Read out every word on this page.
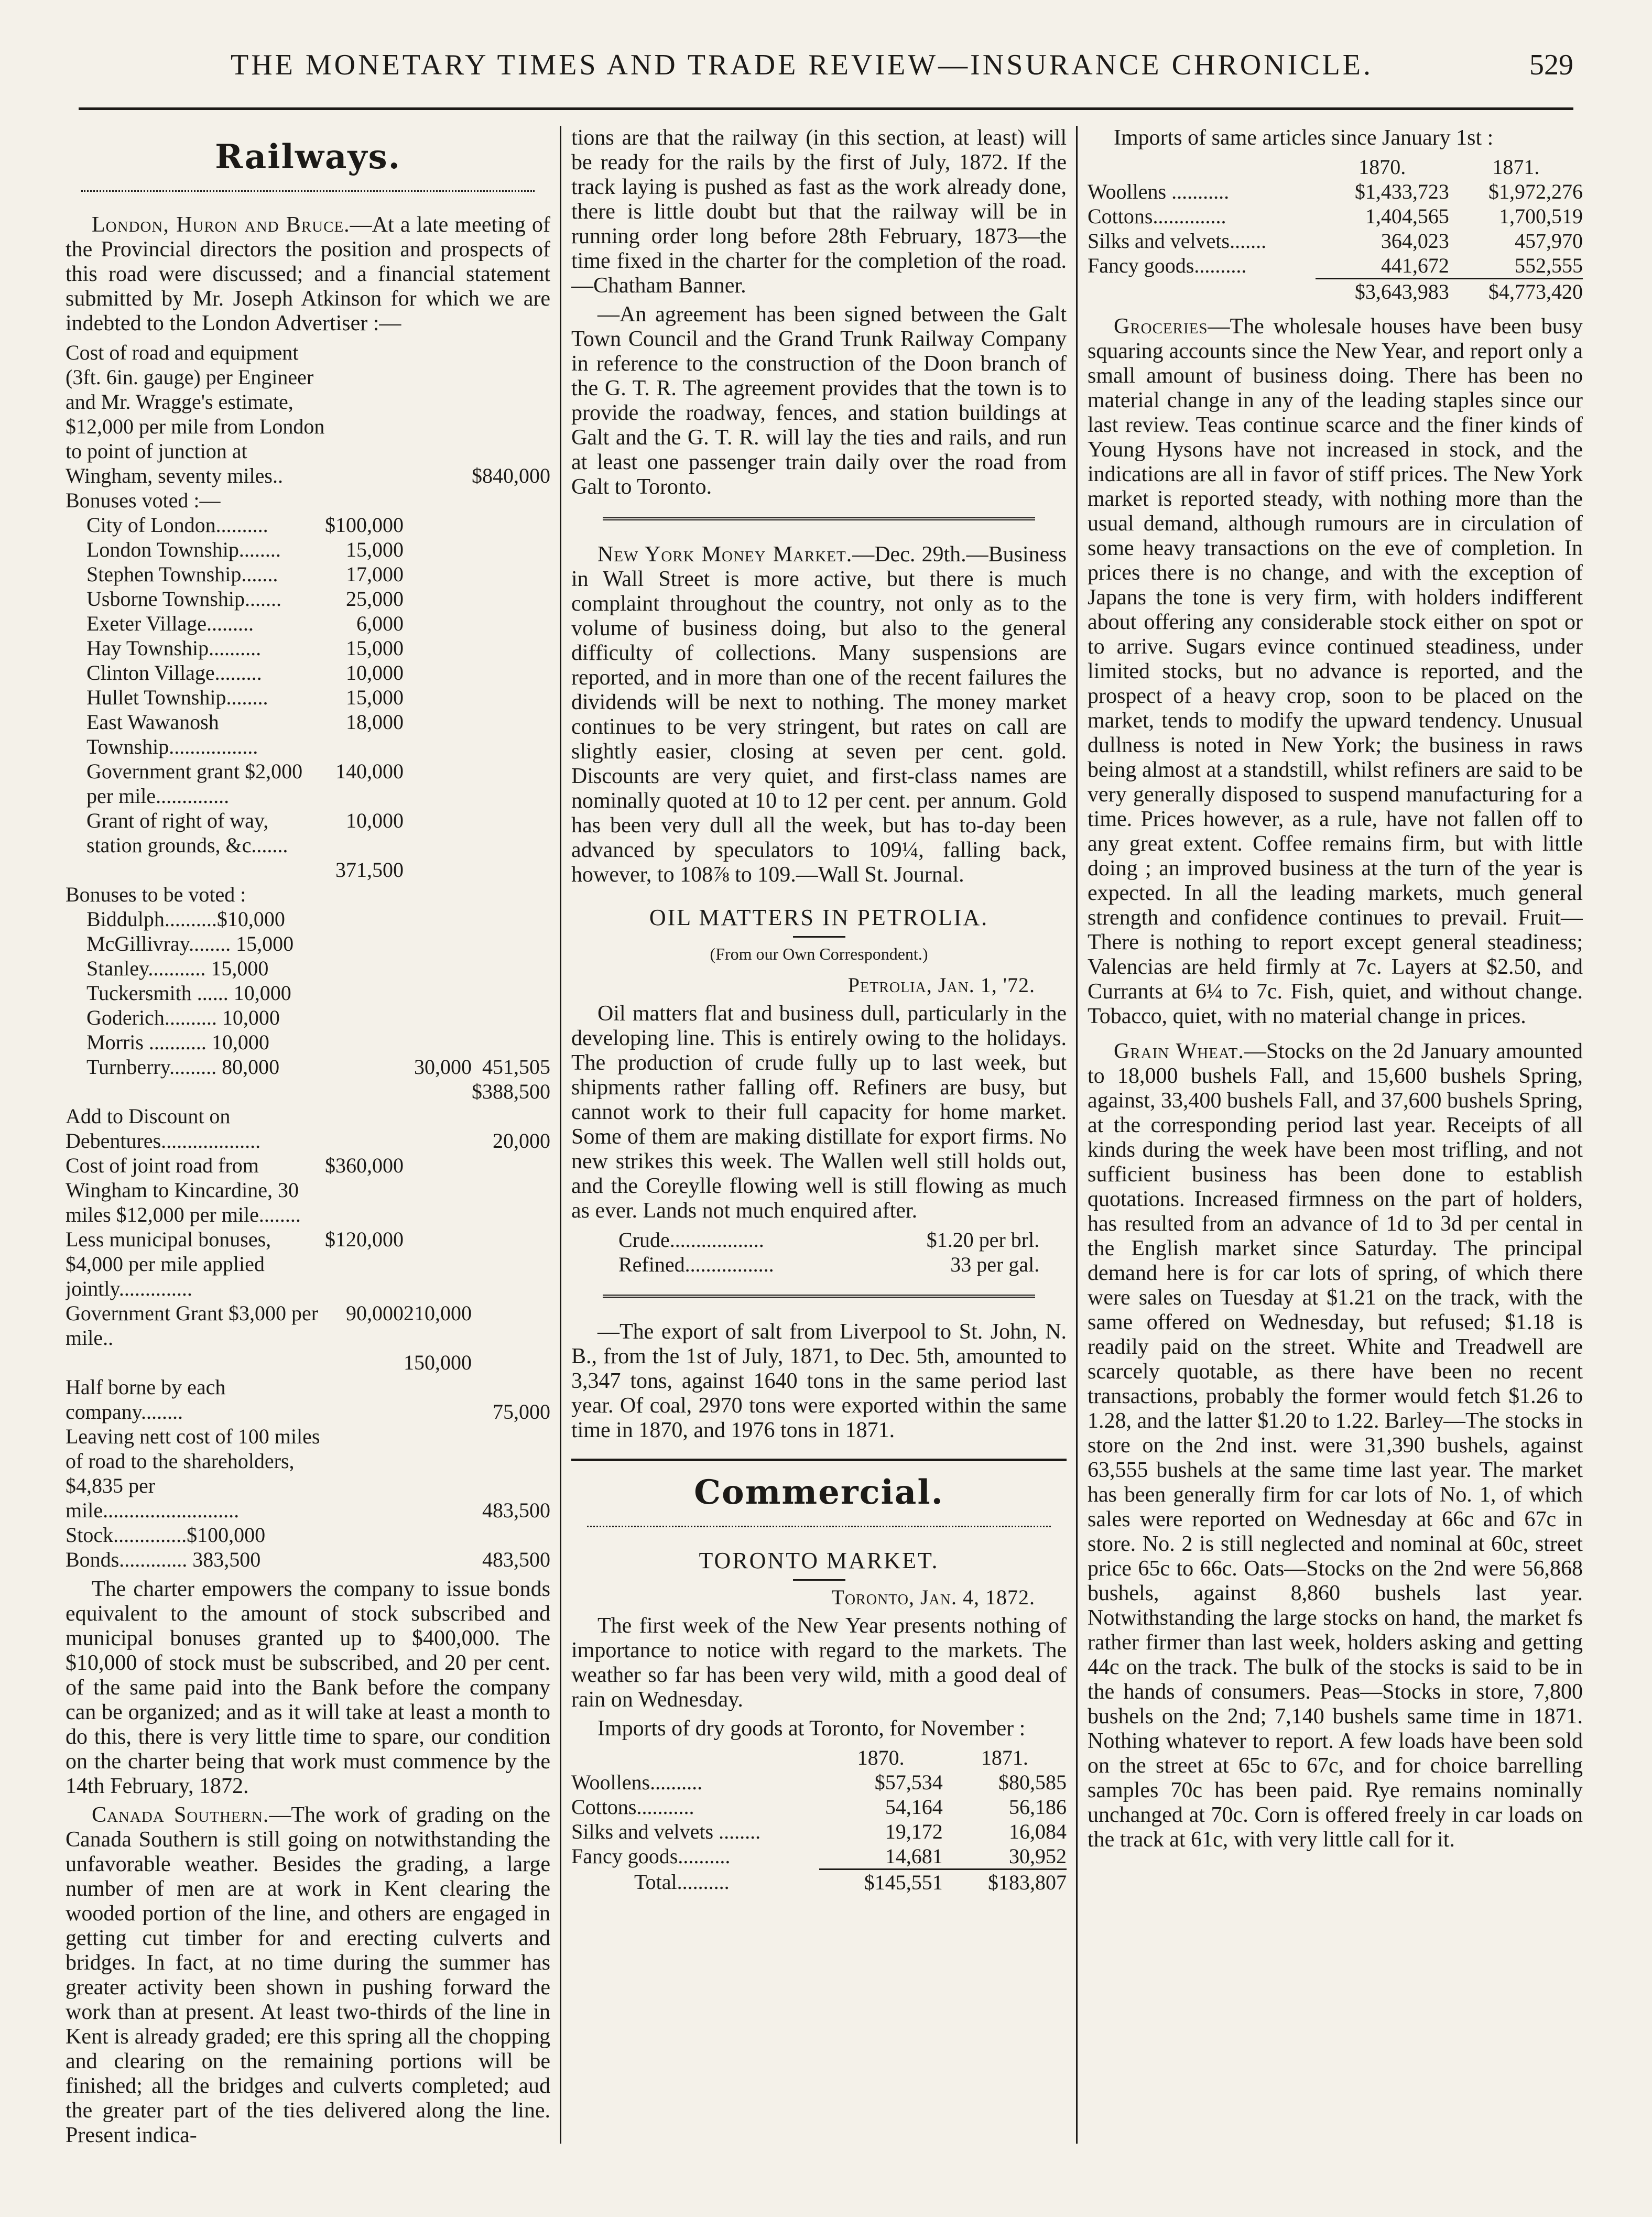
THE MONETARY TIMES AND TRADE REVIEW—INSURANCE CHRONICLE.	529
Railways.

London, Huron and Bruce.—At a late meeting of the Provincial directors the position and prospects of this road were discussed; and a financial statement submitted by Mr. Joseph Atkinson for which we are indebted to the London Advertiser :—

Cost of road and equipment (3ft. 6in. gauge) per Engineer and Mr. Wragge's estimate, $12,000 per mile from London to point of junction at Wingham, seventy miles..			$840,000
Bonuses voted :—			
City of London..........	$100,000		
London Township........	15,000		
Stephen Township.......	17,000		
Usborne Township.......	25,000		
Exeter Village.........	6,000		
Hay Township..........	15,000		
Clinton Village.........	10,000		
Hullet Township........	15,000		
East Wawanosh Township.................	18,000		
Government grant $2,000 per mile..............	140,000		
Grant of right of way, station grounds, &c.......	10,000		
	371,500		
Bonuses to be voted :			
Biddulph..........$10,000			
McGillivray........ 15,000			
Stanley........... 15,000			
Tuckersmith ...... 10,000			
Goderich.......... 10,000			
Morris ........... 10,000			
Turnberry......... 80,000		30,000	451,505
			$388,500
Add to Discount on Debentures...................			20,000
Cost of joint road from Wingham to Kincardine, 30 miles $12,000 per mile........	$360,000		
Less municipal bonuses, $4,000 per mile applied jointly..............	$120,000		
Government Grant $3,000 per mile..	90,000	210,000	
		150,000	
Half borne by each company........			75,000
Leaving nett cost of 100 miles of road to the shareholders, $4,835 per mile..........................			483,500
Stock..............$100,000			
Bonds............. 383,500			483,500

The charter empowers the company to issue bonds equivalent to the amount of stock subscribed and municipal bonuses granted up to $400,000. The $10,000 of stock must be subscribed, and 20 per cent. of the same paid into the Bank before the company can be organized; and as it will take at least a month to do this, there is very little time to spare, our condition on the charter being that work must commence by the 14th February, 1872.

Canada Southern.—The work of grading on the Canada Southern is still going on notwithstanding the unfavorable weather. Besides the grading, a large number of men are at work in Kent clearing the wooded portion of the line, and others are engaged in getting cut timber for and erecting culverts and bridges. In fact, at no time during the summer has greater activity been shown in pushing forward the work than at present. At least two-thirds of the line in Kent is already graded; ere this spring all the chopping and clearing on the remaining portions will be finished; all the bridges and culverts completed; aud the greater part of the ties delivered along the line. Present indica-

tions are that the railway (in this section, at least) will be ready for the rails by the first of July, 1872. If the track laying is pushed as fast as the work already done, there is little doubt but that the railway will be in running order long before 28th February, 1873—the time fixed in the charter for the completion of the road.—Chatham Banner.

—An agreement has been signed between the Galt Town Council and the Grand Trunk Railway Company in reference to the construction of the Doon branch of the G. T. R. The agreement provides that the town is to provide the roadway, fences, and station buildings at Galt and the G. T. R. will lay the ties and rails, and run at least one passenger train daily over the road from Galt to Toronto.

New York Money Market.—Dec. 29th.—Business in Wall Street is more active, but there is much complaint throughout the country, not only as to the volume of business doing, but also to the general difficulty of collections. Many suspensions are reported, and in more than one of the recent failures the dividends will be next to nothing. The money market continues to be very stringent, but rates on call are slightly easier, closing at seven per cent. gold. Discounts are very quiet, and first-class names are nominally quoted at 10 to 12 per cent. per annum. Gold has been very dull all the week, but has to-day been advanced by speculators to 109¼, falling back, however, to 108⅞ to 109.—Wall St. Journal.

OIL MATTERS IN PETROLIA.
(From our Own Correspondent.)
Petrolia, Jan. 1, '72.

Oil matters flat and business dull, particularly in the developing line. This is entirely owing to the holidays. The production of crude fully up to last week, but shipments rather falling off. Refiners are busy, but cannot work to their full capacity for home market. Some of them are making distillate for export firms. No new strikes this week. The Wallen well still holds out, and the Coreylle flowing well is still flowing as much as ever. Lands not much enquired after.

Crude..................	$1.20 per brl.
Refined.................	33 per gal.

—The export of salt from Liverpool to St. John, N. B., from the 1st of July, 1871, to Dec. 5th, amounted to 3,347 tons, against 1640 tons in the same period last year. Of coal, 2970 tons were exported within the same time in 1870, and 1976 tons in 1871.

Commercial.
TORONTO MARKET.
Toronto, Jan. 4, 1872.

The first week of the New Year presents nothing of importance to notice with regard to the markets. The weather so far has been very wild, mith a good deal of rain on Wednesday.

Imports of dry goods at Toronto, for November :

	1870.	1871.
Woollens..........	$57,534	$80,585
Cottons...........	54,164	56,186
Silks and velvets ........	19,172	16,084
Fancy goods..........	14,681	30,952
Total..........	$145,551	$183,807

Imports of same articles since January 1st :

	1870.	1871.
Woollens ...........	$1,433,723	$1,972,276
Cottons..............	1,404,565	1,700,519
Silks and velvets.......	364,023	457,970
Fancy goods..........	441,672	552,555
	$3,643,983	$4,773,420

Groceries—The wholesale houses have been busy squaring accounts since the New Year, and report only a small amount of business doing. There has been no material change in any of the leading staples since our last review. Teas continue scarce and the finer kinds of Young Hysons have not increased in stock, and the indications are all in favor of stiff prices. The New York market is reported steady, with nothing more than the usual demand, although rumours are in circulation of some heavy transactions on the eve of completion. In prices there is no change, and with the exception of Japans the tone is very firm, with holders indifferent about offering any considerable stock either on spot or to arrive. Sugars evince continued steadiness, under limited stocks, but no advance is reported, and the prospect of a heavy crop, soon to be placed on the market, tends to modify the upward tendency. Unusual dullness is noted in New York; the business in raws being almost at a standstill, whilst refiners are said to be very generally disposed to suspend manufacturing for a time. Prices however, as a rule, have not fallen off to any great extent. Coffee remains firm, but with little doing ; an improved business at the turn of the year is expected. In all the leading markets, much general strength and confidence continues to prevail. Fruit—There is nothing to report except general steadiness; Valencias are held firmly at 7c. Layers at $2.50, and Currants at 6¼ to 7c. Fish, quiet, and without change. Tobacco, quiet, with no material change in prices.

Grain Wheat.—Stocks on the 2d January amounted to 18,000 bushels Fall, and 15,600 bushels Spring, against, 33,400 bushels Fall, and 37,600 bushels Spring, at the corresponding period last year. Receipts of all kinds during the week have been most trifling, and not sufficient business has been done to establish quotations. Increased firmness on the part of holders, has resulted from an advance of 1d to 3d per cental in the English market since Saturday. The principal demand here is for car lots of spring, of which there were sales on Tuesday at $1.21 on the track, with the same offered on Wednesday, but refused; $1.18 is readily paid on the street. White and Treadwell are scarcely quotable, as there have been no recent transactions, probably the former would fetch $1.26 to 1.28, and the latter $1.20 to 1.22. Barley—The stocks in store on the 2nd inst. were 31,390 bushels, against 63,555 bushels at the same time last year. The market has been generally firm for car lots of No. 1, of which sales were reported on Wednesday at 66c and 67c in store. No. 2 is still neglected and nominal at 60c, street price 65c to 66c. Oats—Stocks on the 2nd were 56,868 bushels, against 8,860 bushels last year. Notwithstanding the large stocks on hand, the market fs rather firmer than last week, holders asking and getting 44c on the track. The bulk of the stocks is said to be in the hands of consumers. Peas—Stocks in store, 7,800 bushels on the 2nd; 7,140 bushels same time in 1871. Nothing whatever to report. A few loads have been sold on the street at 65c to 67c, and for choice barrelling samples 70c has been paid. Rye remains nominally unchanged at 70c. Corn is offered freely in car loads on the track at 61c, with very little call for it.
